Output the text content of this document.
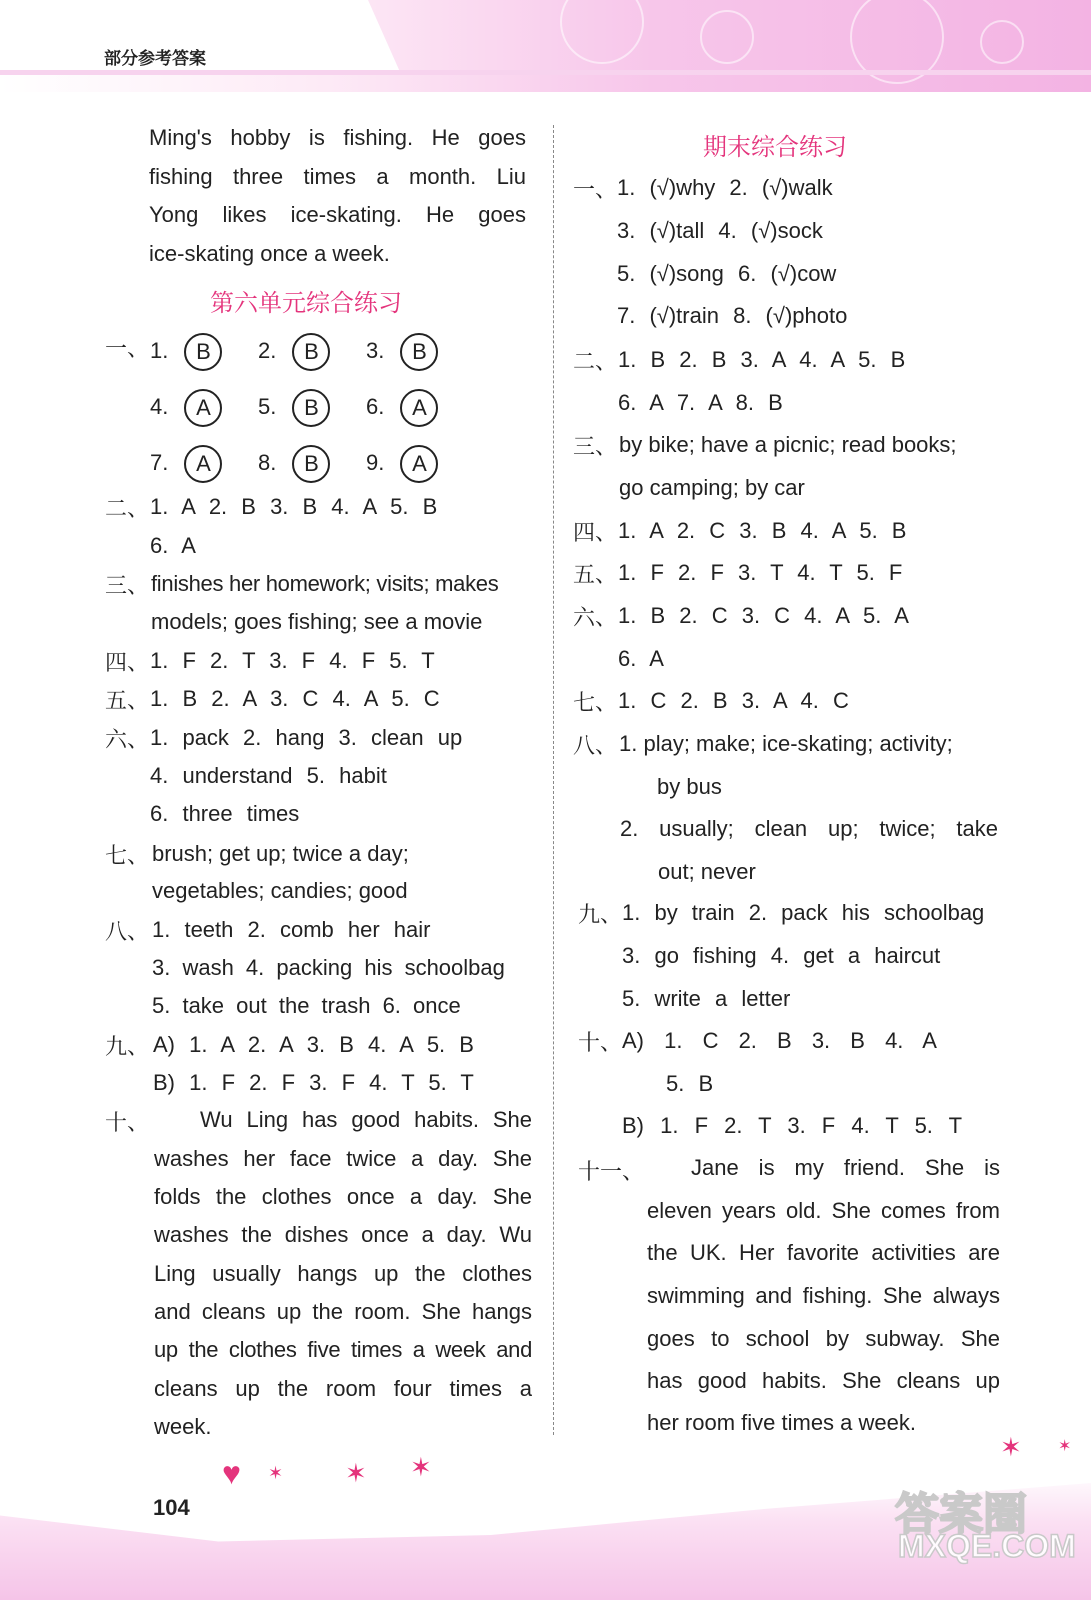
部分参考答案
Ming's hobby is fishing. He goes
fishing three times a month. Liu
Yong likes ice-skating. He goes
ice-skating once a week.
第六单元综合练习
一、 1. B	2. B	3. B
4. A	5. B	6. A
7. A	8. B	9. A
二、 1. A 2. B 3. B 4. A 5. B
6. A
三、 finishes her homework; visits; makes
models; goes fishing; see a movie
四、 1. F 2. T 3. F 4. F 5. T
五、 1. B 2. A 3. C 4. A 5. C
六、 1. pack 2. hang 3. clean up
4. understand 5. habit
6. three times
七、 brush; get up; twice a day;
vegetables; candies; good
八、 1. teeth 2. comb her hair
3. wash 4. packing his schoolbag
5. take out the trash 6. once
九、 A) 1. A 2. A 3. B 4. A 5. B
B) 1. F 2. F 3. F 4. T 5. T
十、 Wu Ling has good habits. She
washes her face twice a day. She
folds the clothes once a day. She
washes the dishes once a day. Wu
Ling usually hangs up the clothes
and cleans up the room. She hangs
up the clothes five times a week and
cleans up the room four times a
week.
期末综合练习
一、 1. (√)why 2. (√)walk
3. (√)tall 4. (√)sock
5. (√)song 6. (√)cow
7. (√)train 8. (√)photo
二、 1. B 2. B 3. A 4. A 5. B
6. A 7. A 8. B
三、 by bike; have a picnic; read books;
go camping; by car
四、 1. A 2. C 3. B 4. A 5. B
五、 1. F 2. F 3. T 4. T 5. F
六、 1. B 2. C 3. C 4. A 5. A
6. A
七、 1. C 2. B 3. A 4. C
八、 1. play; make; ice-skating; activity;
by bus
2. usually; clean up; twice; take
out; never
九、 1. by train 2. pack his schoolbag
3. go fishing 4. get a haircut
5. write a letter
十、 A) 1. C 2. B 3. B 4. A
5. B
B) 1. F 2. T 3. F 4. T 5. T
十一、 Jane is my friend. She is
eleven years old. She comes from
the UK. Her favorite activities are
swimming and fishing. She always
goes to school by subway. She
has good habits. She cleans up
her room five times a week.
♥ ✶ ✶ ✶
✶ ✶
104	答案圈
MXQE.COM
